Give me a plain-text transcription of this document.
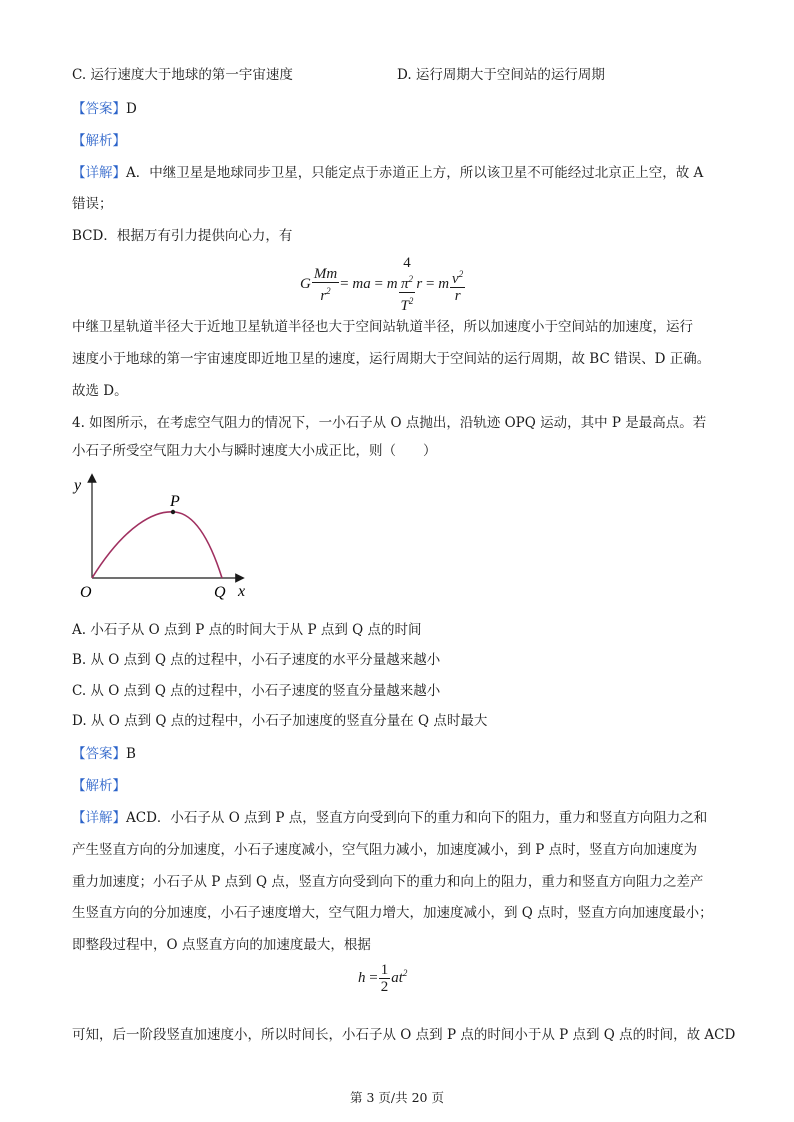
C. 运行速度大于地球的第一宇宙速度	D. 运行周期大于空间站的运行周期
【答案】D
【解析】
【详解】A．中继卫星是地球同步卫星，只能定点于赤道正上方，所以该卫星不可能经过北京正上空，故 A
错误；
BCD．根据万有引力提供向心力，有
G $\frac{Mm}{r^2}$ = ma = m 4
$\pi^2$
$T^2$ r = m $\frac{v^2}{r}$
中继卫星轨道半径大于近地卫星轨道半径也大于空间站轨道半径，所以加速度小于空间站的加速度，运行
速度小于地球的第一宇宙速度即近地卫星的速度，运行周期大于空间站的运行周期，故 BC 错误、D 正确。
故选 D。
4. 如图所示，在考虑空气阻力的情况下，一小石子从 O 点抛出，沿轨迹 OPQ 运动，其中 P 是最高点。若
小石子所受空气阻力大小与瞬时速度大小成正比，则（　　）
y
x
O
P
Q
A. 小石子从 O 点到 P 点的时间大于从 P 点到 Q 点的时间
B. 从 O 点到 Q 点的过程中，小石子速度的水平分量越来越小
C. 从 O 点到 Q 点的过程中，小石子速度的竖直分量越来越小
D. 从 O 点到 Q 点的过程中，小石子加速度的竖直分量在 Q 点时最大
【答案】B
【解析】
【详解】ACD．小石子从 O 点到 P 点，竖直方向受到向下的重力和向下的阻力，重力和竖直方向阻力之和
产生竖直方向的分加速度，小石子速度减小，空气阻力减小，加速度减小，到 P 点时，竖直方向加速度为
重力加速度；小石子从 P 点到 Q 点，竖直方向受到向下的重力和向上的阻力，重力和竖直方向阻力之差产
生竖直方向的分加速度，小石子速度增大，空气阻力增大，加速度减小，到 Q 点时，竖直方向加速度最小；
即整段过程中，O 点竖直方向的加速度最大，根据
$h = \frac{1}{2} at^2$
可知，后一阶段竖直加速度小，所以时间长，小石子从 O 点到 P 点的时间小于从 P 点到 Q 点的时间，故 ACD
第 3 页/共 20 页
